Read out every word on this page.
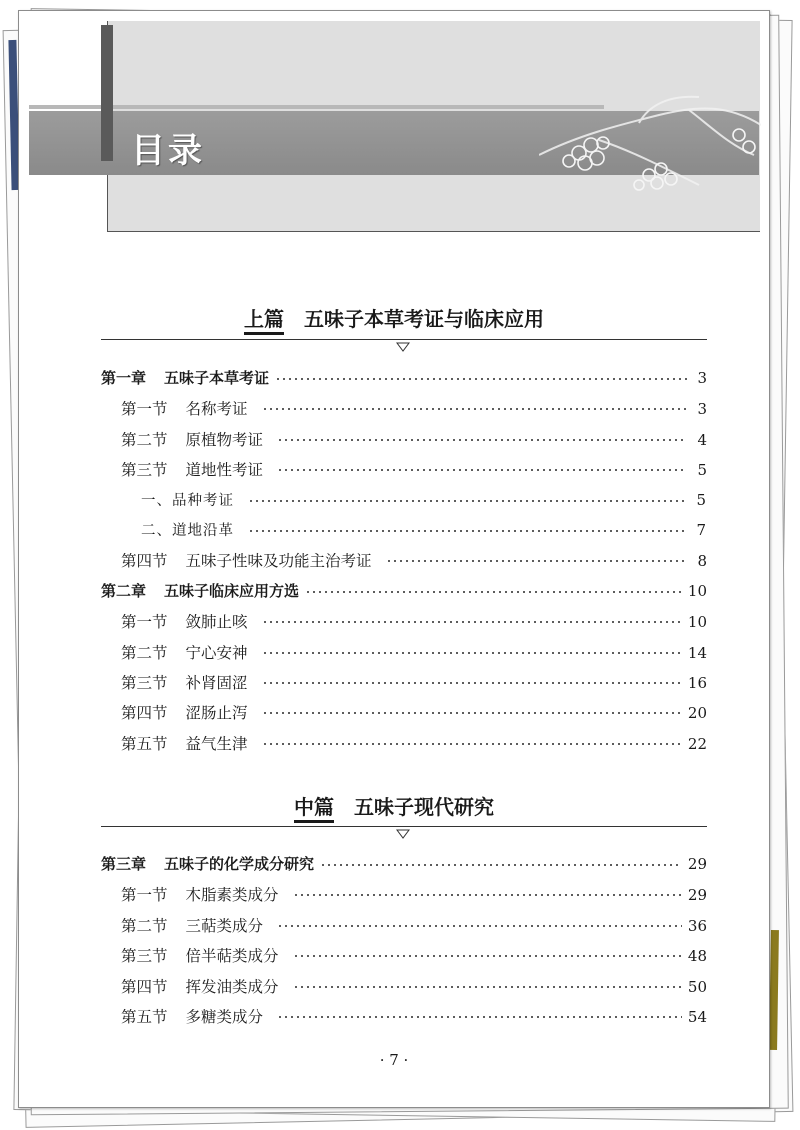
目录
上篇 五味子本草考证与临床应用
第一章 五味子本草考证	3
第一节 名称考证	3
第二节 原植物考证	4
第三节 道地性考证	5
一、品种考证	5
二、道地沿革	7
第四节 五味子性味及功能主治考证	8
第二章 五味子临床应用方选	10
第一节 敛肺止咳	10
第二节 宁心安神	14
第三节 补肾固涩	16
第四节 涩肠止泻	20
第五节 益气生津	22
中篇 五味子现代研究
第三章 五味子的化学成分研究	29
第一节 木脂素类成分	29
第二节 三萜类成分	36
第三节 倍半萜类成分	48
第四节 挥发油类成分	50
第五节 多糖类成分	54
· 7 ·
